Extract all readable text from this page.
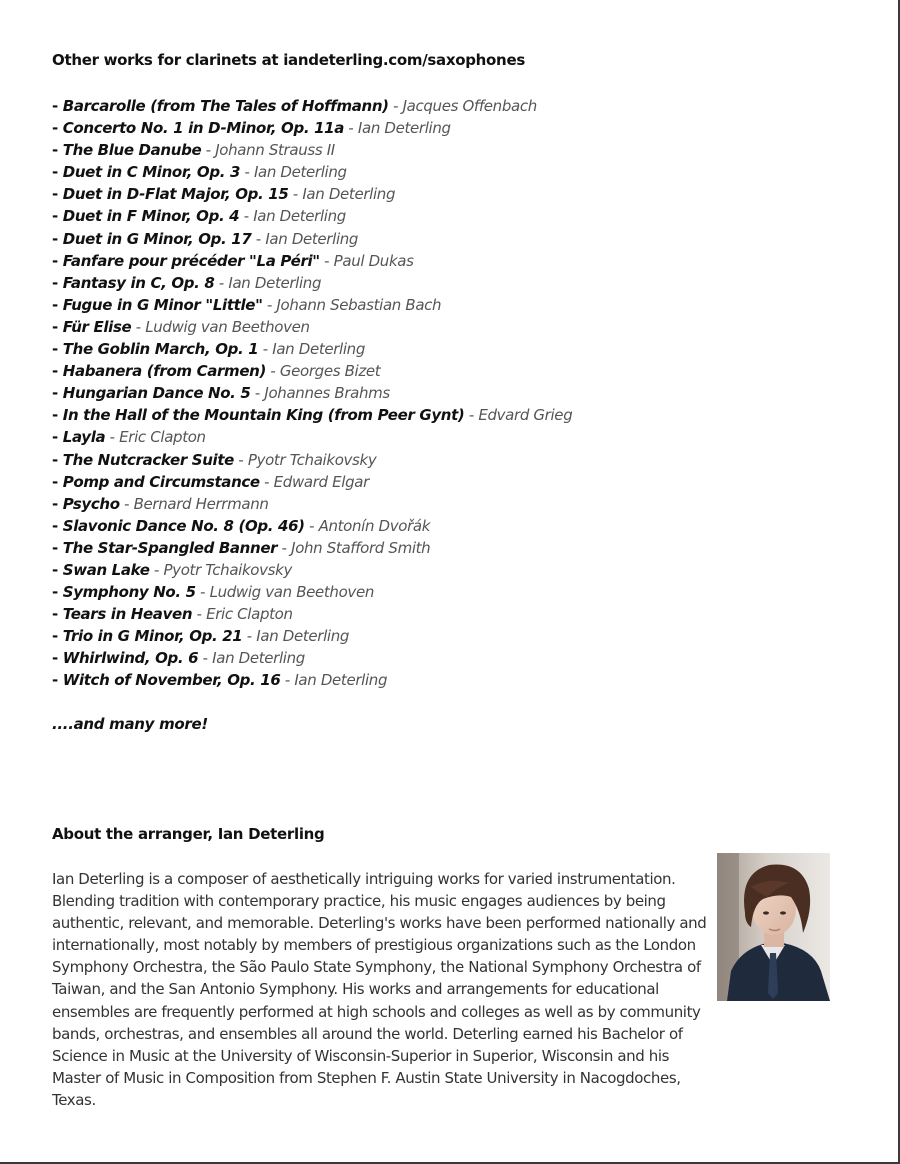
Other works for clarinets at iandeterling.com/saxophones
- Barcarolle (from The Tales of Hoffmann) - Jacques Offenbach
- Concerto No. 1 in D-Minor, Op. 11a - Ian Deterling
- The Blue Danube - Johann Strauss II
- Duet in C Minor, Op. 3 - Ian Deterling
- Duet in D-Flat Major, Op. 15 - Ian Deterling
- Duet in F Minor, Op. 4 - Ian Deterling
- Duet in G Minor, Op. 17 - Ian Deterling
- Fanfare pour précéder "La Péri" - Paul Dukas
- Fantasy in C, Op. 8 - Ian Deterling
- Fugue in G Minor "Little" - Johann Sebastian Bach
- Für Elise - Ludwig van Beethoven
- The Goblin March, Op. 1 - Ian Deterling
- Habanera (from Carmen) - Georges Bizet
- Hungarian Dance No. 5 - Johannes Brahms
- In the Hall of the Mountain King (from Peer Gynt) - Edvard Grieg
- Layla - Eric Clapton
- The Nutcracker Suite - Pyotr Tchaikovsky
- Pomp and Circumstance - Edward Elgar
- Psycho - Bernard Herrmann
- Slavonic Dance No. 8 (Op. 46) - Antonín Dvořák
- The Star-Spangled Banner - John Stafford Smith
- Swan Lake - Pyotr Tchaikovsky
- Symphony No. 5 - Ludwig van Beethoven
- Tears in Heaven - Eric Clapton
- Trio in G Minor, Op. 21 - Ian Deterling
- Whirlwind, Op. 6 - Ian Deterling
- Witch of November, Op. 16 - Ian Deterling
....and many more!
About the arranger, Ian Deterling

Ian Deterling is a composer of aesthetically intriguing works for varied instrumentation. Blending tradition with contemporary practice, his music engages audiences by being authentic, relevant, and memorable. Deterling's works have been performed nationally and internationally, most notably by members of prestigious organizations such as the London Symphony Orchestra, the São Paulo State Symphony, the National Symphony Orchestra of Taiwan, and the San Antonio Symphony. His works and arrangements for educational ensembles are frequently performed at high schools and colleges as well as by community bands, orchestras, and ensembles all around the world. Deterling earned his Bachelor of Science in Music at the University of Wisconsin-Superior in Superior, Wisconsin and his Master of Music in Composition from Stephen F. Austin State University in Nacogdoches, Texas.
